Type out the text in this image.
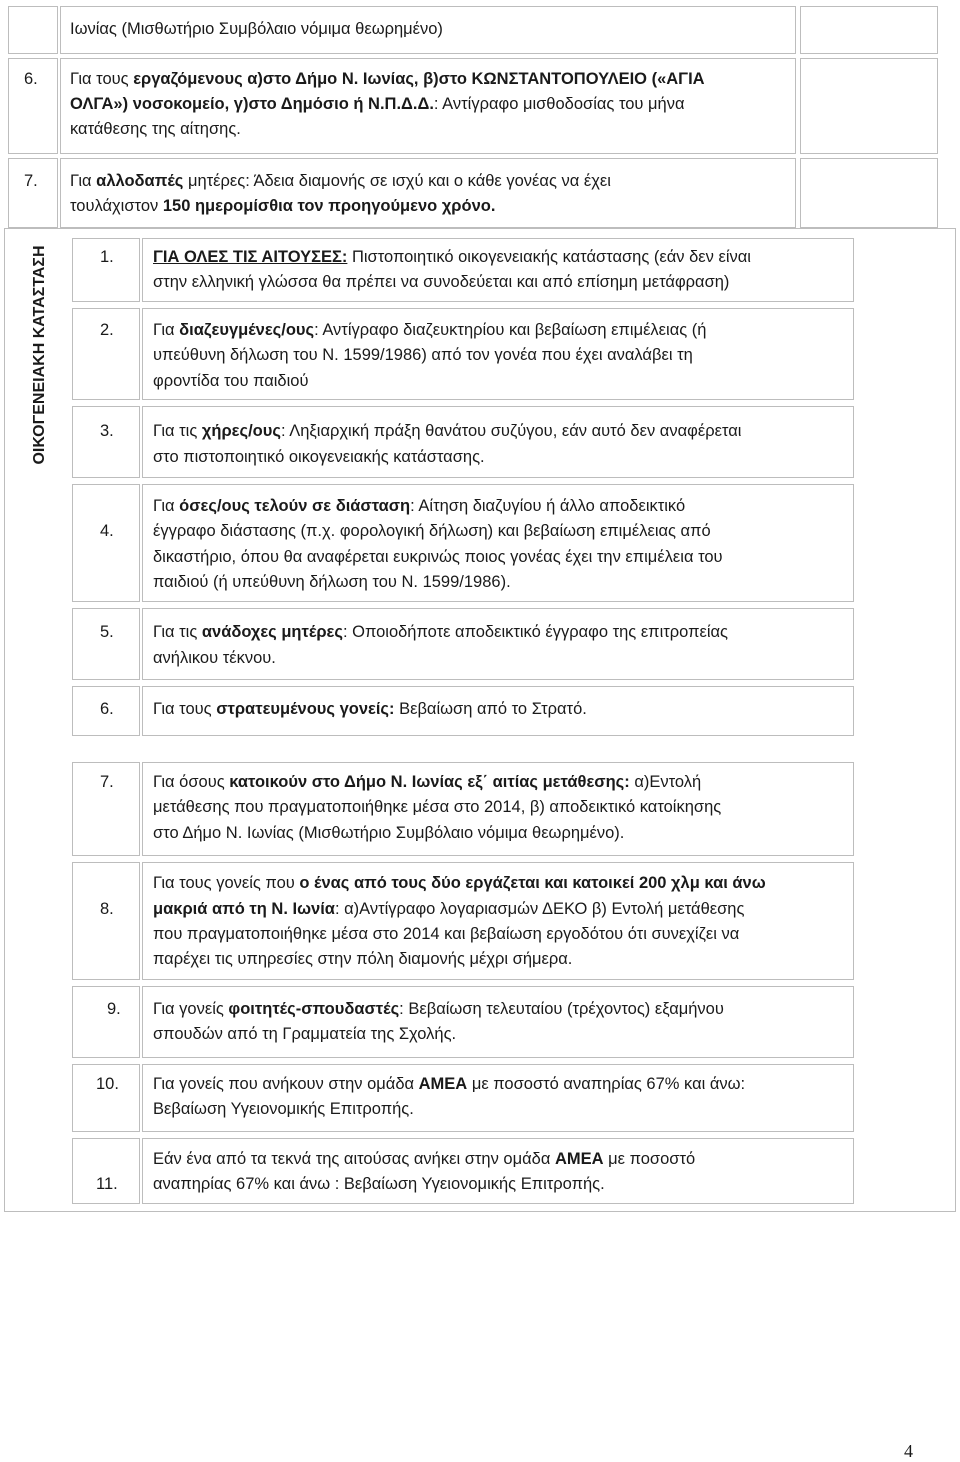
Ιωνίας (Μισθωτήριο Συμβόλαιο νόμιμα θεωρημένο)
6. Για τους εργαζόμενους α)στο Δήμο Ν. Ιωνίας, β)στο ΚΩΝΣΤΑΝΤΟΠΟΥΛΕΙΟ («ΑΓΙΑ
ΟΛΓΑ») νοσοκομείο, γ)στο Δημόσιο ή Ν.Π.Δ.Δ.: Αντίγραφο μισθοδοσίας του μήνα
κατάθεσης της αίτησης.
7. Για αλλοδαπές μητέρες: Άδεια διαμονής σε ισχύ και ο κάθε γονέας να έχει
τουλάχιστον 150 ημερομίσθια τον προηγούμενο χρόνο.
ΟΙΚΟΓΕΝΕΙΑΚΗ ΚΑΤΑΣΤΑΣΗ	1. ΓΙΑ ΟΛΕΣ ΤΙΣ ΑΙΤΟΥΣΕΣ: Πιστοποιητικό οικογενειακής κατάστασης (εάν δεν είναι
στην ελληνική γλώσσα θα πρέπει να συνοδεύεται και από επίσημη μετάφραση)
2. Για διαζευγμένες/ους: Αντίγραφο διαζευκτηρίου και βεβαίωση επιμέλειας (ή
υπεύθυνη δήλωση του Ν. 1599/1986) από τον γονέα που έχει αναλάβει τη
φροντίδα του παιδιού
3. Για τις χήρες/ους: Ληξιαρχική πράξη θανάτου συζύγου, εάν αυτό δεν αναφέρεται
στο πιστοποιητικό οικογενειακής κατάστασης.
4.
Για όσες/ους τελούν σε διάσταση: Αίτηση διαζυγίου ή άλλο αποδεικτικό
έγγραφο διάστασης (π.χ. φορολογική δήλωση) και βεβαίωση επιμέλειας από
δικαστήριο, όπου θα αναφέρεται ευκρινώς ποιος γονέας έχει την επιμέλεια του
παιδιού (ή υπεύθυνη δήλωση του Ν. 1599/1986).
5. Για τις ανάδοχες μητέρες: Οποιοδήποτε αποδεικτικό έγγραφο της επιτροπείας
ανήλικου τέκνου.
6. Για τους στρατευμένους γονείς: Βεβαίωση από το Στρατό.
7. Για όσους κατοικούν στο Δήμο Ν. Ιωνίας εξ΄ αιτίας μετάθεσης: α)Εντολή
μετάθεσης που πραγματοποιήθηκε μέσα στο 2014, β) αποδεικτικό κατοίκησης
στο Δήμο Ν. Ιωνίας (Μισθωτήριο Συμβόλαιο νόμιμα θεωρημένο).
8.
Για τους γονείς που ο ένας από τους δύο εργάζεται και κατοικεί 200 χλμ και άνω
μακριά από τη Ν. Ιωνία: α)Αντίγραφο λογαριασμών ΔΕΚΟ β) Εντολή μετάθεσης
που πραγματοποιήθηκε μέσα στο 2014 και βεβαίωση εργοδότου ότι συνεχίζει να
παρέχει τις υπηρεσίες στην πόλη διαμονής μέχρι σήμερα.
9. Για γονείς φοιτητές-σπουδαστές: Βεβαίωση τελευταίου (τρέχοντος) εξαμήνου
σπουδών από τη Γραμματεία της Σχολής.
10. Για γονείς που ανήκουν στην ομάδα ΑΜΕΑ με ποσοστό αναπηρίας 67% και άνω:
Βεβαίωση Υγειονομικής Επιτροπής.
11.
Εάν ένα από τα τεκνά της αιτούσας ανήκει στην ομάδα ΑΜΕΑ με ποσοστό
αναπηρίας 67% και άνω : Βεβαίωση Υγειονομικής Επιτροπής.
4
